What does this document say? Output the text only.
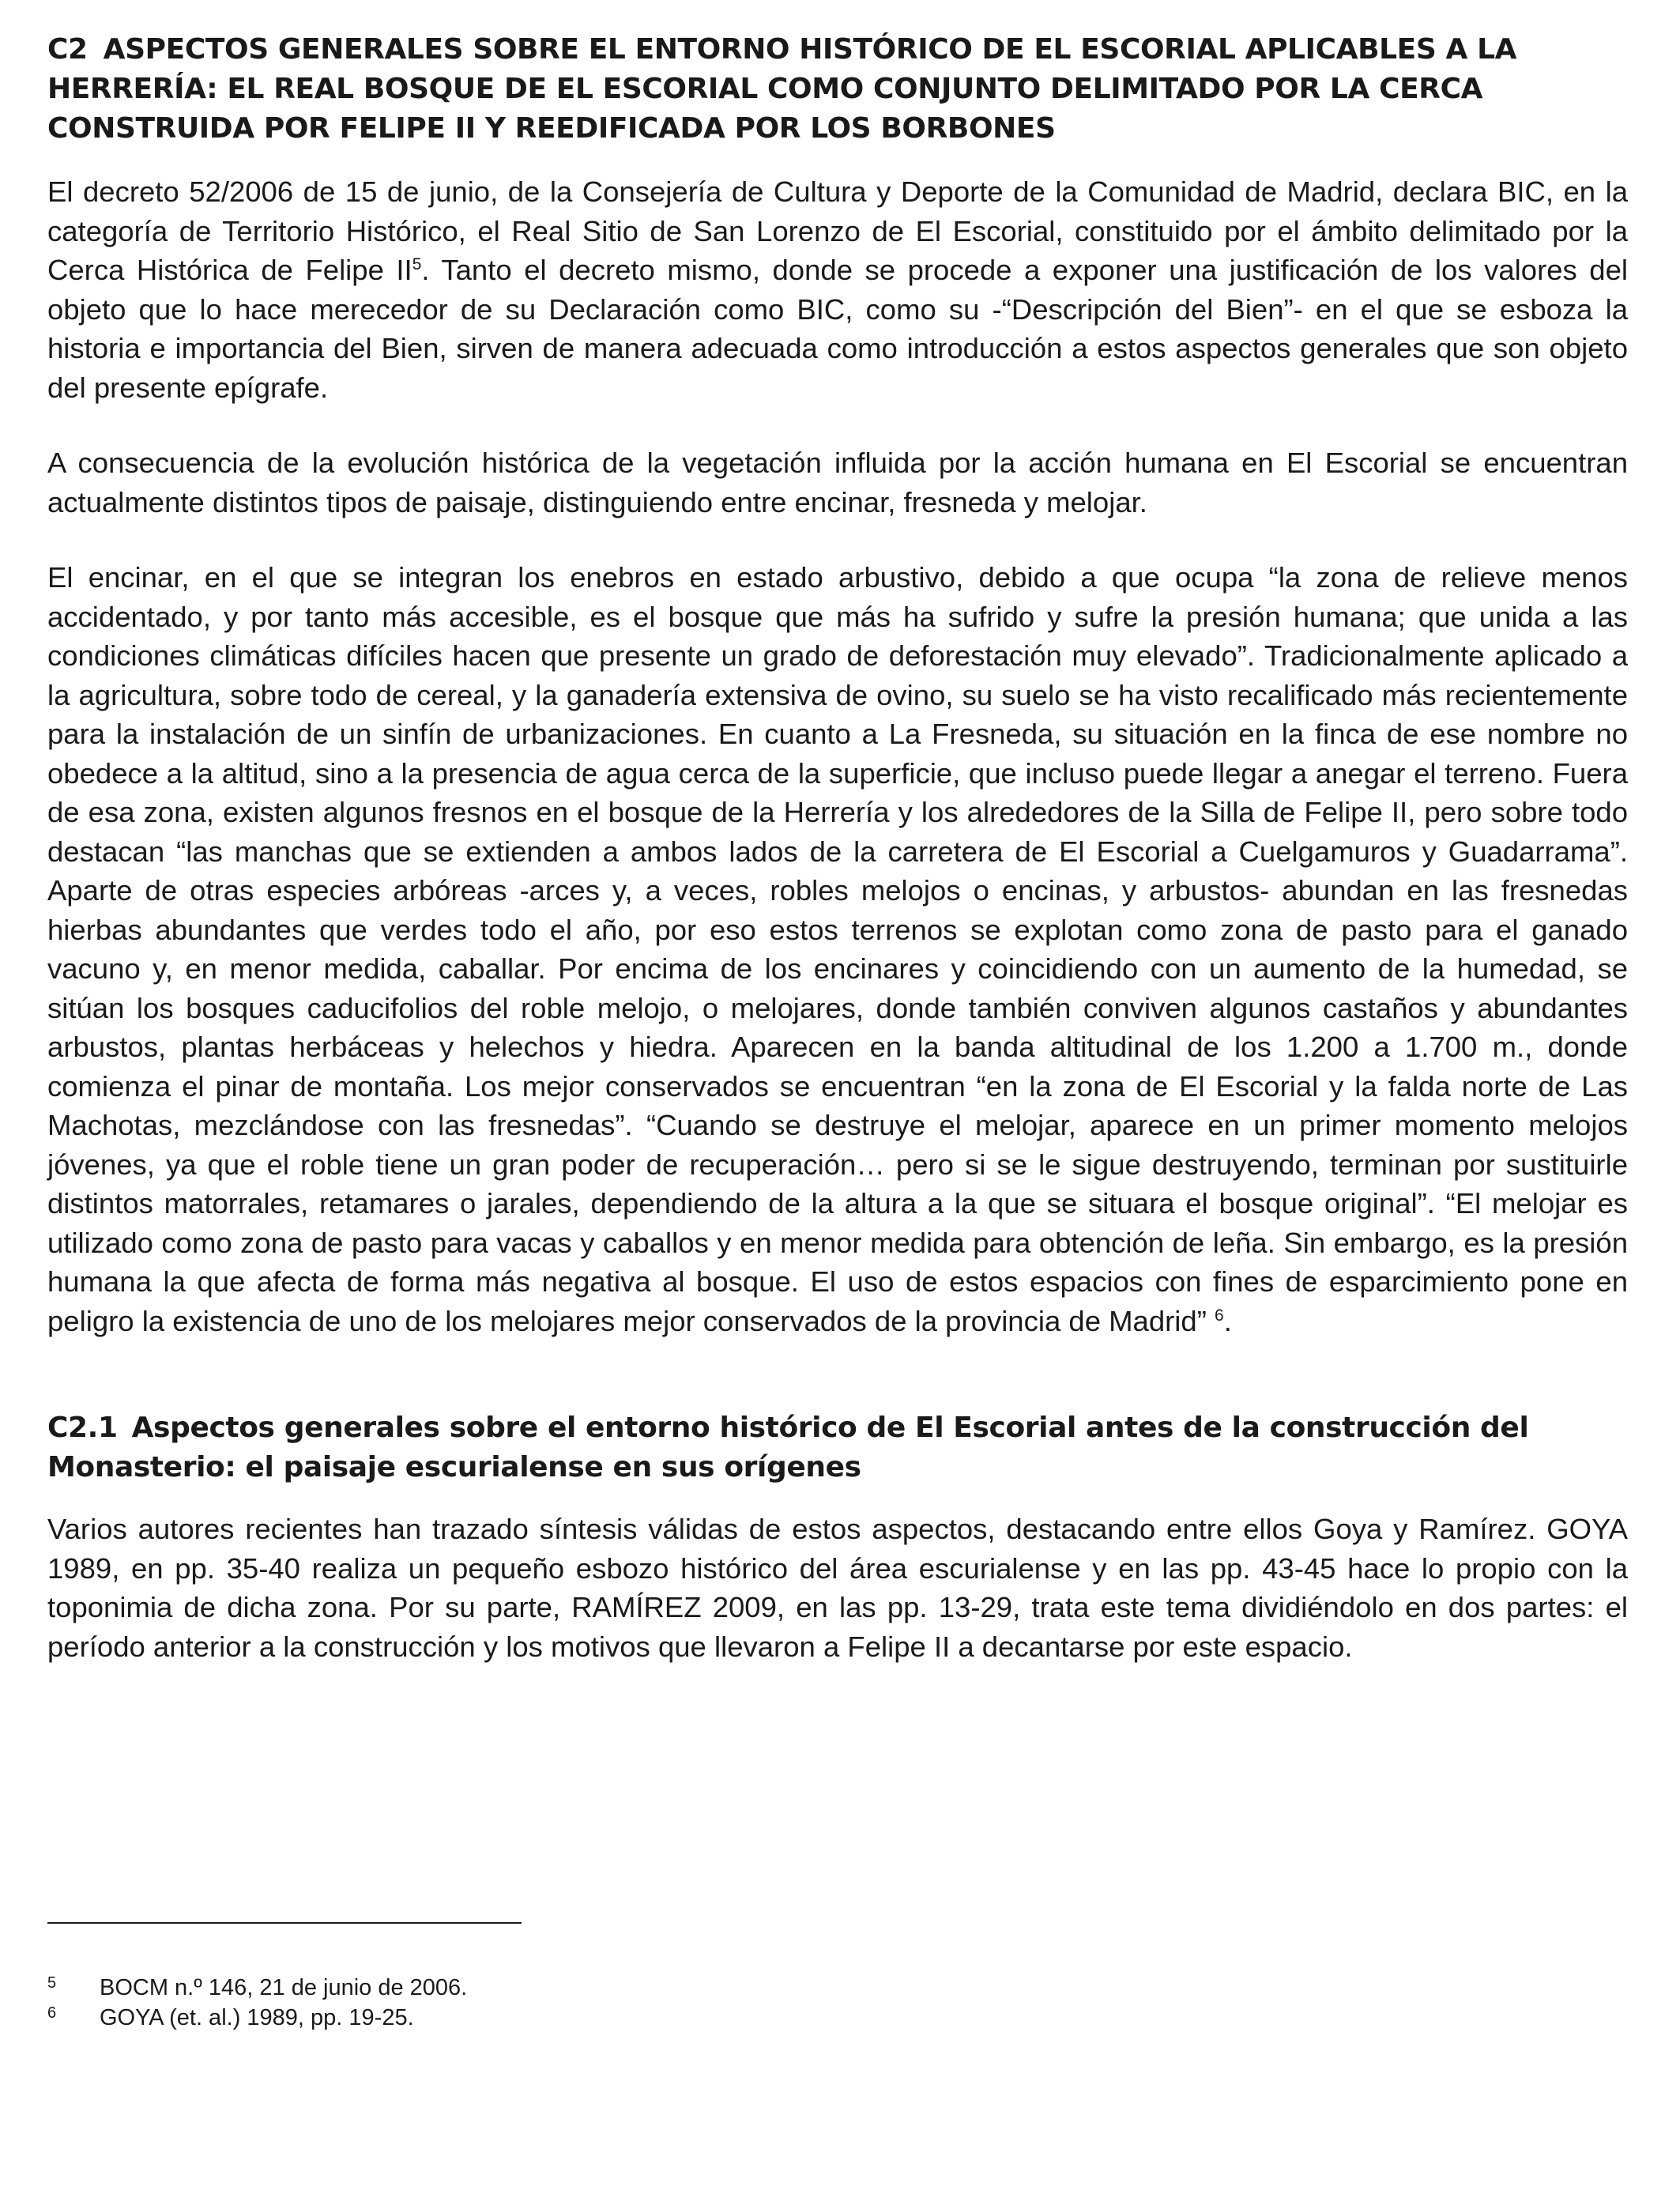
C2 ASPECTOS GENERALES SOBRE EL ENTORNO HISTÓRICO DE EL ESCORIAL APLICABLES A LA HERRERÍA: EL REAL BOSQUE DE EL ESCORIAL COMO CONJUNTO DELIMITADO POR LA CERCA CONSTRUIDA POR FELIPE II Y REEDIFICADA POR LOS BORBONES

El decreto 52/2006 de 15 de junio, de la Consejería de Cultura y Deporte de la Comunidad de Madrid, declara BIC, en la categoría de Territorio Histórico, el Real Sitio de San Lorenzo de El Escorial, constituido por el ámbito delimitado por la Cerca Histórica de Felipe $II^5$. Tanto el decreto mismo, donde se procede a exponer una justificación de los valores del objeto que lo hace merecedor de su Declaración como BIC, como su -“Descripción del Bien”- en el que se esboza la historia e importancia del Bien, sirven de manera adecuada como introducción a estos aspectos generales que son objeto del presente epígrafe.

A consecuencia de la evolución histórica de la vegetación influida por la acción humana en El Escorial se encuentran actualmente distintos tipos de paisaje, distinguiendo entre encinar, fresneda y melojar.

El encinar, en el que se integran los enebros en estado arbustivo, debido a que ocupa “la zona de relieve menos accidentado, y por tanto más accesible, es el bosque que más ha sufrido y sufre la presión humana; que unida a las condiciones climáticas difíciles hacen que presente un grado de deforestación muy elevado”. Tradicionalmente aplicado a la agricultura, sobre todo de cereal, y la ganadería extensiva de ovino, su suelo se ha visto recalificado más recientemente para la instalación de un sinfín de urbanizaciones. En cuanto a La Fresneda, su situación en la finca de ese nombre no obedece a la altitud, sino a la presencia de agua cerca de la superficie, que incluso puede llegar a anegar el terreno. Fuera de esa zona, existen algunos fresnos en el bosque de la Herrería y los alrededores de la Silla de Felipe II, pero sobre todo destacan “las manchas que se extienden a ambos lados de la carretera de El Escorial a Cuelgamuros y Guadarrama”. Aparte de otras especies arbóreas -arces y, a veces, robles melojos o encinas, y arbustos- abundan en las fresnedas hierbas abundantes que verdes todo el año, por eso estos terrenos se explotan como zona de pasto para el ganado vacuno y, en menor medida, caballar. Por encima de los encinares y coincidiendo con un aumento de la humedad, se sitúan los bosques caducifolios del roble melojo, o melojares, donde también conviven algunos castaños y abundantes arbustos, plantas herbáceas y helechos y hiedra. Aparecen en la banda altitudinal de los 1.200 a 1.700 m., donde comienza el pinar de montaña. Los mejor conservados se encuentran “en la zona de El Escorial y la falda norte de Las Machotas, mezclándose con las fresnedas”. “Cuando se destruye el melojar, aparece en un primer momento melojos jóvenes, ya que el roble tiene un gran poder de recuperación… pero si se le sigue destruyendo, terminan por sustituirle distintos matorrales, retamares o jarales, dependiendo de la altura a la que se situara el bosque original”. “El melojar es utilizado como zona de pasto para vacas y caballos y en menor medida para obtención de leña. Sin embargo, es la presión humana la que afecta de forma más negativa al bosque. El uso de estos espacios con fines de esparcimiento pone en peligro la existencia de uno de los melojares mejor conservados de la provincia de Madrid” $^6$.

C2.1 Aspectos generales sobre el entorno histórico de El Escorial antes de la construcción del Monasterio: el paisaje escurialense en sus orígenes

Varios autores recientes han trazado síntesis válidas de estos aspectos, destacando entre ellos Goya y Ramírez. GOYA 1989, en pp. 35-40 realiza un pequeño esbozo histórico del área escurialense y en las pp. 43-45 hace lo propio con la toponimia de dicha zona. Por su parte, RAMÍREZ 2009, en las pp. 13-29, trata este tema dividiéndolo en dos partes: el período anterior a la construcción y los motivos que llevaron a Felipe II a decantarse por este espacio.

5 BOCM n.º 146, 21 de junio de 2006.
6 GOYA (et. al.) 1989, pp. 19-25.
